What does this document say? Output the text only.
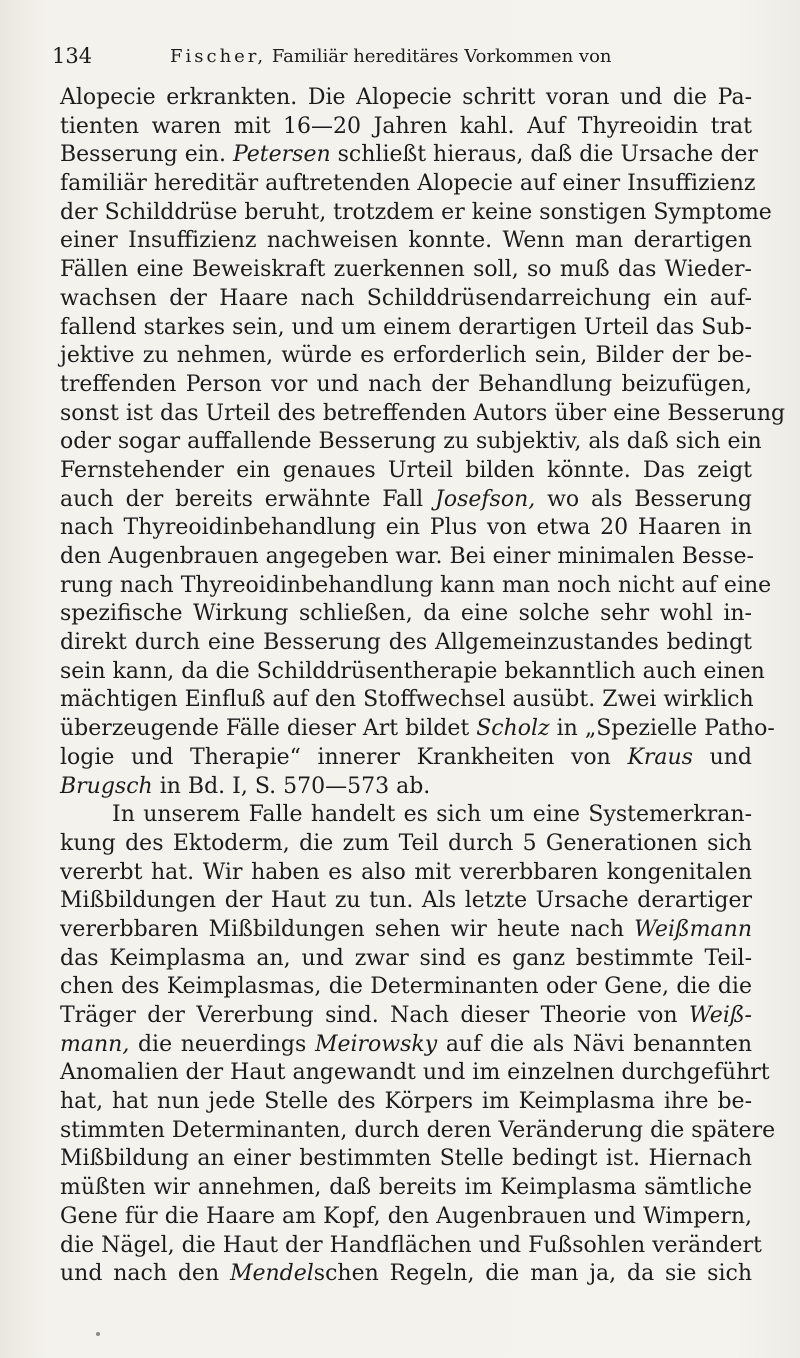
134	Fischer, Familiär hereditäres Vorkommen von
Alopecie erkrankten. Die Alopecie schritt voran und die Pa-
tienten waren mit 16—20 Jahren kahl. Auf Thyreoidin trat
Besserung ein. Petersen schließt hieraus, daß die Ursache der
familiär hereditär auftretenden Alopecie auf einer Insuffizienz
der Schilddrüse beruht, trotzdem er keine sonstigen Symptome
einer Insuffizienz nachweisen konnte. Wenn man derartigen
Fällen eine Beweiskraft zuerkennen soll, so muß das Wieder-
wachsen der Haare nach Schilddrüsendarreichung ein auf-
fallend starkes sein, und um einem derartigen Urteil das Sub-
jektive zu nehmen, würde es erforderlich sein, Bilder der be-
treffenden Person vor und nach der Behandlung beizufügen,
sonst ist das Urteil des betreffenden Autors über eine Besserung
oder sogar auffallende Besserung zu subjektiv, als daß sich ein
Fernstehender ein genaues Urteil bilden könnte. Das zeigt
auch der bereits erwähnte Fall Josefson, wo als Besserung
nach Thyreoidinbehandlung ein Plus von etwa 20 Haaren in
den Augenbrauen angegeben war. Bei einer minimalen Besse-
rung nach Thyreoidinbehandlung kann man noch nicht auf eine
spezifische Wirkung schließen, da eine solche sehr wohl in-
direkt durch eine Besserung des Allgemeinzustandes bedingt
sein kann, da die Schilddrüsentherapie bekanntlich auch einen
mächtigen Einfluß auf den Stoffwechsel ausübt. Zwei wirklich
überzeugende Fälle dieser Art bildet Scholz in „Spezielle Patho-
logie und Therapie“ innerer Krankheiten von Kraus und
Brugsch in Bd. I, S. 570—573 ab.
In unserem Falle handelt es sich um eine Systemerkran-
kung des Ektoderm, die zum Teil durch 5 Generationen sich
vererbt hat. Wir haben es also mit vererbbaren kongenitalen
Mißbildungen der Haut zu tun. Als letzte Ursache derartiger
vererbbaren Mißbildungen sehen wir heute nach Weißmann
das Keimplasma an, und zwar sind es ganz bestimmte Teil-
chen des Keimplasmas, die Determinanten oder Gene, die die
Träger der Vererbung sind. Nach dieser Theorie von Weiß-
mann, die neuerdings Meirowsky auf die als Nävi benannten
Anomalien der Haut angewandt und im einzelnen durchgeführt
hat, hat nun jede Stelle des Körpers im Keimplasma ihre be-
stimmten Determinanten, durch deren Veränderung die spätere
Mißbildung an einer bestimmten Stelle bedingt ist. Hiernach
müßten wir annehmen, daß bereits im Keimplasma sämtliche
Gene für die Haare am Kopf, den Augenbrauen und Wimpern,
die Nägel, die Haut der Handflächen und Fußsohlen verändert
und nach den Mendelschen Regeln, die man ja, da sie sich
